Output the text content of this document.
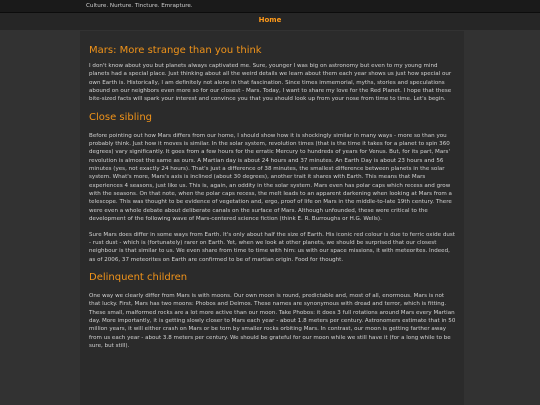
Culture. Nurture. Tincture. Emrapture.
Home
Mars: More strange than you think

I don't know about you but planets always captivated me. Sure, younger I was big on astronomy but even to my young mind planets had a special place. Just thinking about all the weird details we learn about them each year shows us just how special our own Earth is. Historically, I am definitely not alone in that fascination. Since times immemorial, myths, stories and speculations abound on our neighbors even more so for our closest - Mars. Today, I want to share my love for the Red Planet. I hope that these bite-sized facts will spark your interest and convince you that you should look up from your nose from time to time. Let's begin.

Close sibling

Before pointing out how Mars differs from our home, I should show how it is shockingly similar in many ways - more so than you probably think. Just how it moves is similar. In the solar system, revolution times (that is the time it takes for a planet to spin 360 degrees) vary significantly. It goes from a few hours for the erratic Mercury to hundreds of years for Venus. But, for its part, Mars' revolution is almost the same as ours. A Martian day is about 24 hours and 37 minutes. An Earth Day is about 23 hours and 56 minutes (yes, not exactly 24 hours). That's just a difference of 38 minutes, the smallest difference between planets in the solar system. What's more, Mars's axis is inclined (about 30 degrees), another trait it shares with Earth. This means that Mars experiences 4 seasons, just like us. This is, again, an oddity in the solar system. Mars even has polar caps which recess and grow with the seasons. On that note, when the polar caps recess, the melt leads to an apparent darkening when looking at Mars from a telescope. This was thought to be evidence of vegetation and, ergo, proof of life on Mars in the middle-to-late 19th century. There were even a whole debate about deliberate canals on the surface of Mars. Although unfounded, these were critical to the development of the following wave of Mars-centered science fiction (think E. R. Burroughs or H.G. Wells).

Sure Mars does differ in some ways from Earth. It's only about half the size of Earth. His iconic red colour is due to ferric oxide dust - rust dust - which is (fortunately) rarer on Earth. Yet, when we look at other planets, we should be surprised that our closest neighbour is that similar to us. We even share from time to time with him: us with our space missions, it with meteorites. Indeed, as of 2006, 37 meteorites on Earth are confirmed to be of martian origin. Food for thought.

Delinquent children

One way we clearly differ from Mars is with moons. Our own moon is round, predictable and, most of all, enormous. Mars is not that lucky. First, Mars has two moons: Phobos and Deimos. These names are synonymous with dread and terror, which is fitting. These small, malformed rocks are a lot more active than our moon. Take Phobos: it does 3 full rotations around Mars every Martian day. More importantly, it is getting slowly closer to Mars each year - about 1.8 meters per century. Astronomers estimate that in 50 million years, it will either crash on Mars or be torn by smaller rocks orbiting Mars. In contrast, our moon is getting farther away from us each year - about 3.8 meters per century. We should be grateful for our moon while we still have it (for a long while to be sure, but still).
